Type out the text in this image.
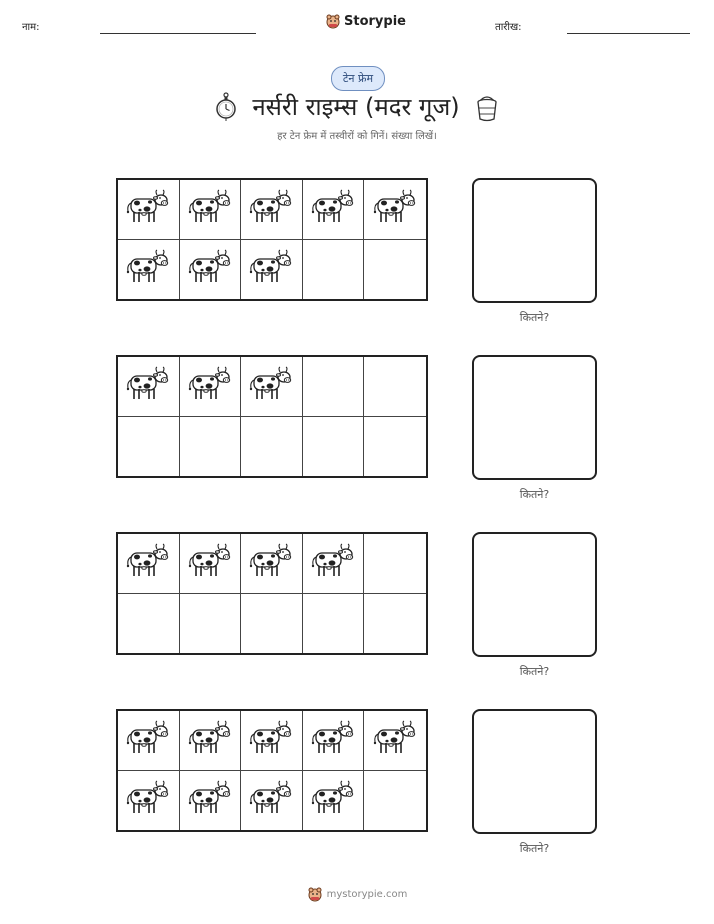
नाम:	Storypie	तारीख:
टेन फ्रेम
नर्सरी राइम्स (मदर गूज)
हर टेन फ्रेम में तस्वीरों को गिनें। संख्या लिखें।
कितने?
कितने?
कितने?
कितने?
mystorypie.com
